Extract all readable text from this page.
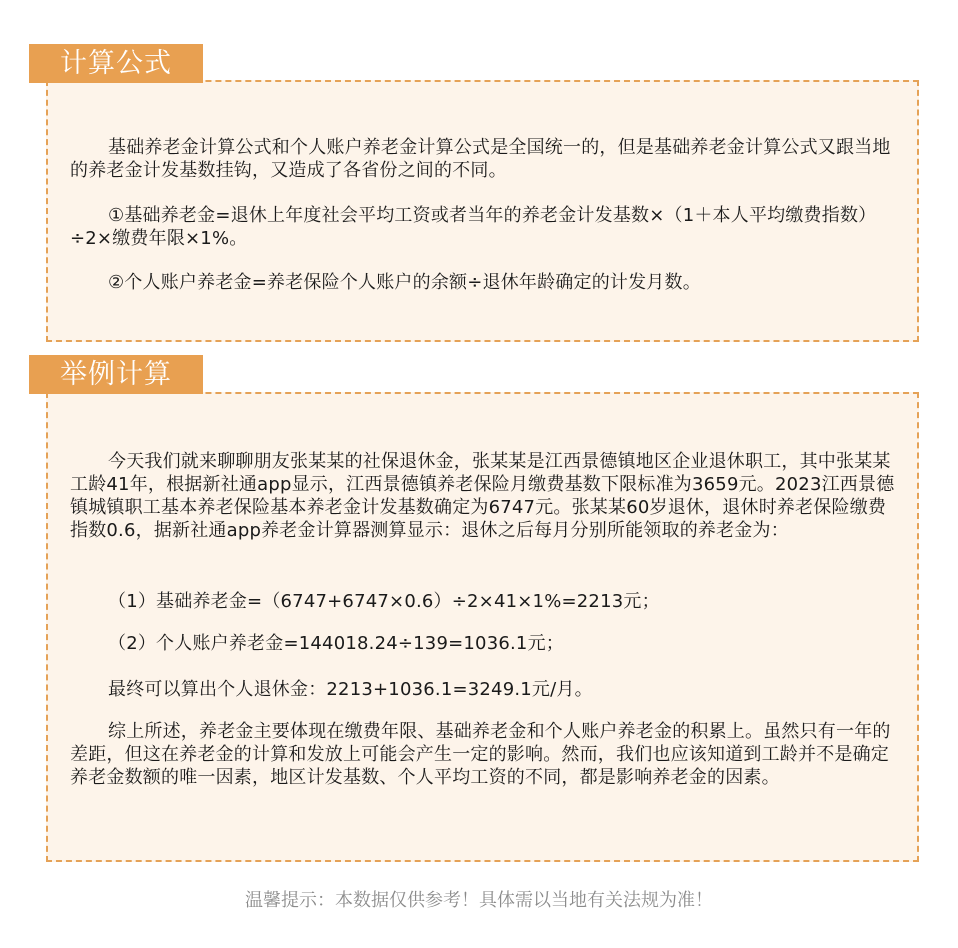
基础养老金计算公式和个人账户养老金计算公式是全国统一的，但是基础养老金计算公式又跟当地的养老金计发基数挂钩，又造成了各省份之间的不同。

①基础养老金=退休上年度社会平均工资或者当年的养老金计发基数×（1＋本人平均缴费指数）÷2×缴费年限×1%。

②个人账户养老金=养老保险个人账户的余额÷退休年龄确定的计发月数。

计算公式

今天我们就来聊聊朋友张某某的社保退休金，张某某是江西景德镇地区企业退休职工，其中张某某工龄41年，根据新社通app显示，江西景德镇养老保险月缴费基数下限标准为3659元。2023江西景德镇城镇职工基本养老保险基本养老金计发基数确定为6747元。张某某60岁退休，退休时养老保险缴费指数0.6，据新社通app养老金计算器测算显示：退休之后每月分别所能领取的养老金为：

（1）基础养老金=（6747+6747×0.6）÷2×41×1%=2213元；

（2）个人账户养老金=144018.24÷139=1036.1元；

最终可以算出个人退休金：2213+1036.1=3249.1元/月。

综上所述，养老金主要体现在缴费年限、基础养老金和个人账户养老金的积累上。虽然只有一年的差距，但这在养老金的计算和发放上可能会产生一定的影响。然而，我们也应该知道到工龄并不是确定养老金数额的唯一因素，地区计发基数、个人平均工资的不同，都是影响养老金的因素。

举例计算

温馨提示：本数据仅供参考！具体需以当地有关法规为准！
